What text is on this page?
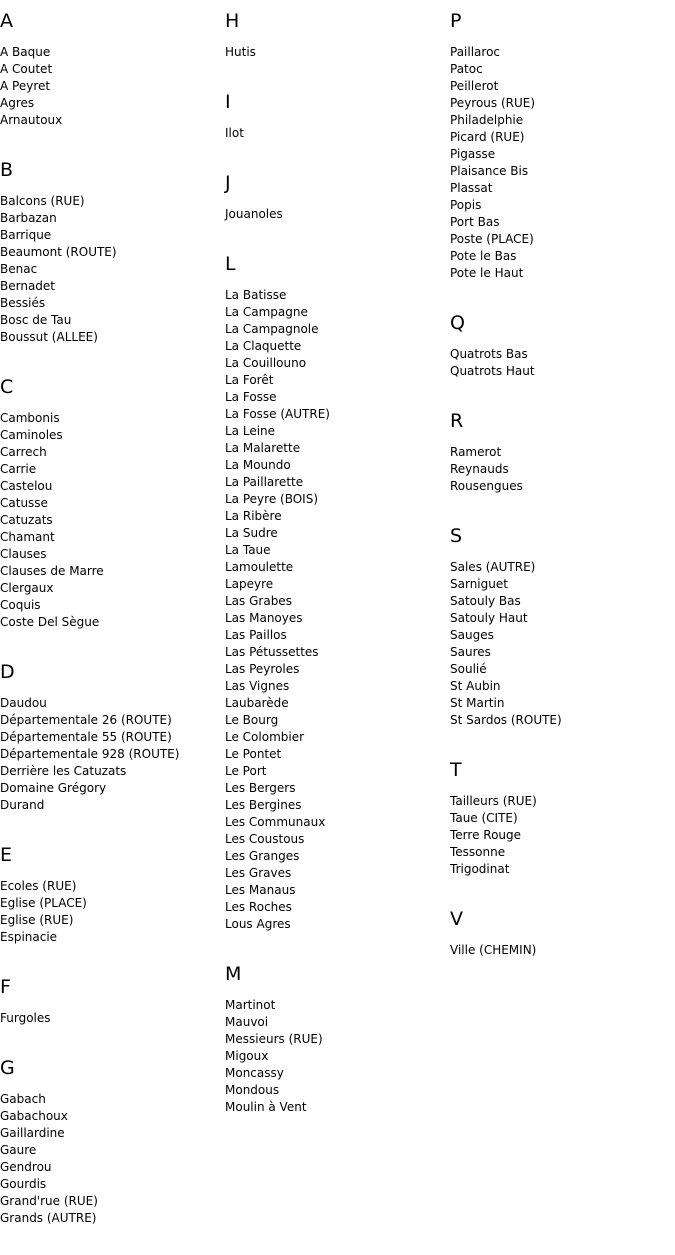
A
A Baque
A Coutet
A Peyret
Agres
Arnautoux
B
Balcons (RUE)
Barbazan
Barrique
Beaumont (ROUTE)
Benac
Bernadet
Bessiés
Bosc de Tau
Boussut (ALLEE)
C
Cambonis
Caminoles
Carrech
Carrie
Castelou
Catusse
Catuzats
Chamant
Clauses
Clauses de Marre
Clergaux
Coquis
Coste Del Sègue
D
Daudou
Départementale 26 (ROUTE)
Départementale 55 (ROUTE)
Départementale 928 (ROUTE)
Derrière les Catuzats
Domaine Grégory
Durand
E
Ecoles (RUE)
Eglise (PLACE)
Eglise (RUE)
Espinacie
F
Furgoles
G
Gabach
Gabachoux
Gaillardine
Gaure
Gendrou
Gourdis
Grand'rue (RUE)
Grands (AUTRE)
H
Hutis
I
Ilot
J
Jouanoles
L
La Batisse
La Campagne
La Campagnole
La Claquette
La Couillouno
La Forêt
La Fosse
La Fosse (AUTRE)
La Leine
La Malarette
La Moundo
La Paillarette
La Peyre (BOIS)
La Ribère
La Sudre
La Taue
Lamoulette
Lapeyre
Las Grabes
Las Manoyes
Las Paillos
Las Pétussettes
Las Peyroles
Las Vignes
Laubarède
Le Bourg
Le Colombier
Le Pontet
Le Port
Les Bergers
Les Bergines
Les Communaux
Les Coustous
Les Granges
Les Graves
Les Manaus
Les Roches
Lous Agres
M
Martinot
Mauvoi
Messieurs (RUE)
Migoux
Moncassy
Mondous
Moulin à Vent
P
Paillaroc
Patoc
Peillerot
Peyrous (RUE)
Philadelphie
Picard (RUE)
Pigasse
Plaisance Bis
Plassat
Popis
Port Bas
Poste (PLACE)
Pote le Bas
Pote le Haut
Q
Quatrots Bas
Quatrots Haut
R
Ramerot
Reynauds
Rousengues
S
Sales (AUTRE)
Sarniguet
Satouly Bas
Satouly Haut
Sauges
Saures
Soulié
St Aubin
St Martin
St Sardos (ROUTE)
T
Tailleurs (RUE)
Taue (CITE)
Terre Rouge
Tessonne
Trigodinat
V
Ville (CHEMIN)
